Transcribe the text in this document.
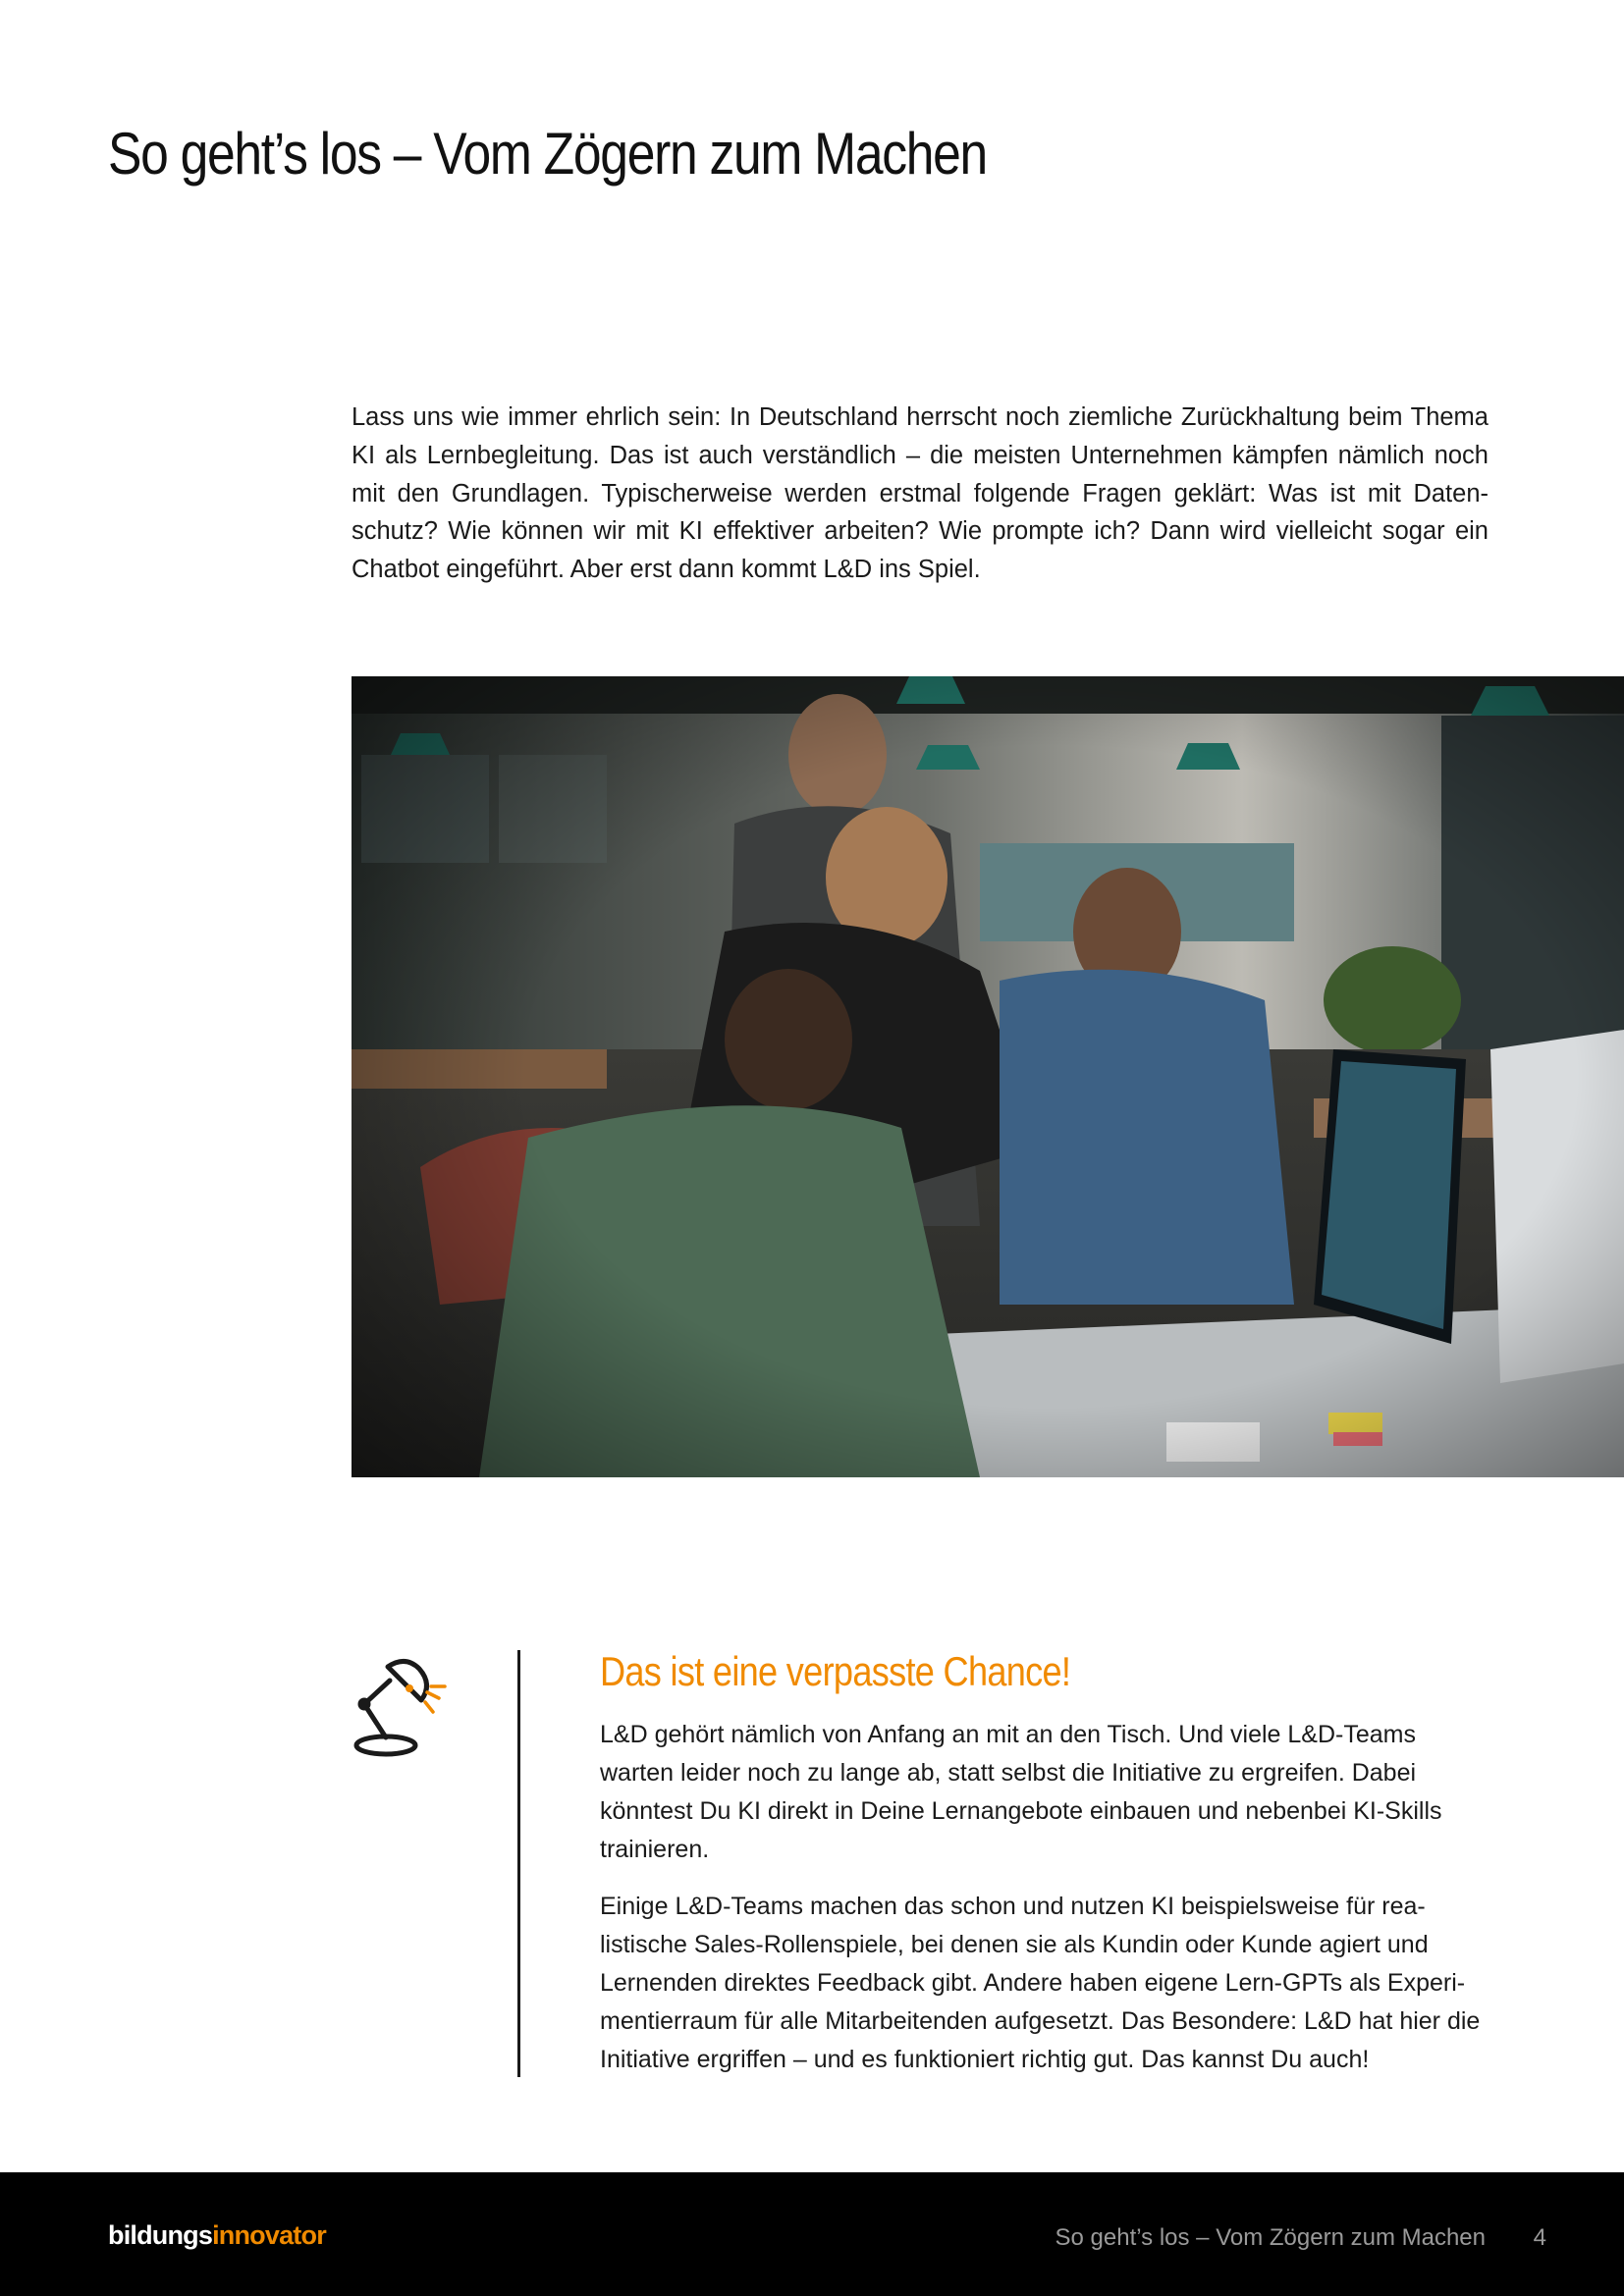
So geht’s los – Vom Zögern zum Machen

Lass uns wie immer ehrlich sein: In Deutschland herrscht noch ziemliche Zurückhaltung beim Thema KI als Lernbegleitung. Das ist auch verständlich – die meisten Unternehmen kämpfen nämlich noch mit den Grundlagen. Typischerweise werden erstmal folgende Fragen geklärt: Was ist mit Datenschutz? Wie können wir mit KI effektiver arbeiten? Wie prompte ich? Dann wird vielleicht sogar ein Chatbot eingeführt. Aber erst dann kommt L&D ins Spiel.

Das ist eine verpasste Chance!

L&D gehört nämlich von Anfang an mit an den Tisch. Und viele L&D-Teams warten leider noch zu lange ab, statt selbst die Initiative zu ergreifen. Dabei könntest Du KI direkt in Deine Lernangebote einbauen und nebenbei KI-Skills trainieren.

Einige L&D-Teams machen das schon und nutzen KI beispielsweise für realistische Sales-Rollenspiele, bei denen sie als Kundin oder Kunde agiert und Lernenden direktes Feedback gibt. Andere haben eigene Lern-GPTs als Experimentierraum für alle Mitarbeitenden aufgesetzt. Das Besondere: L&D hat hier die Initiative ergriffen – und es funktioniert richtig gut. Das kannst Du auch!

bildungsinnovator	So geht’s los – Vom Zögern zum Machen 4
